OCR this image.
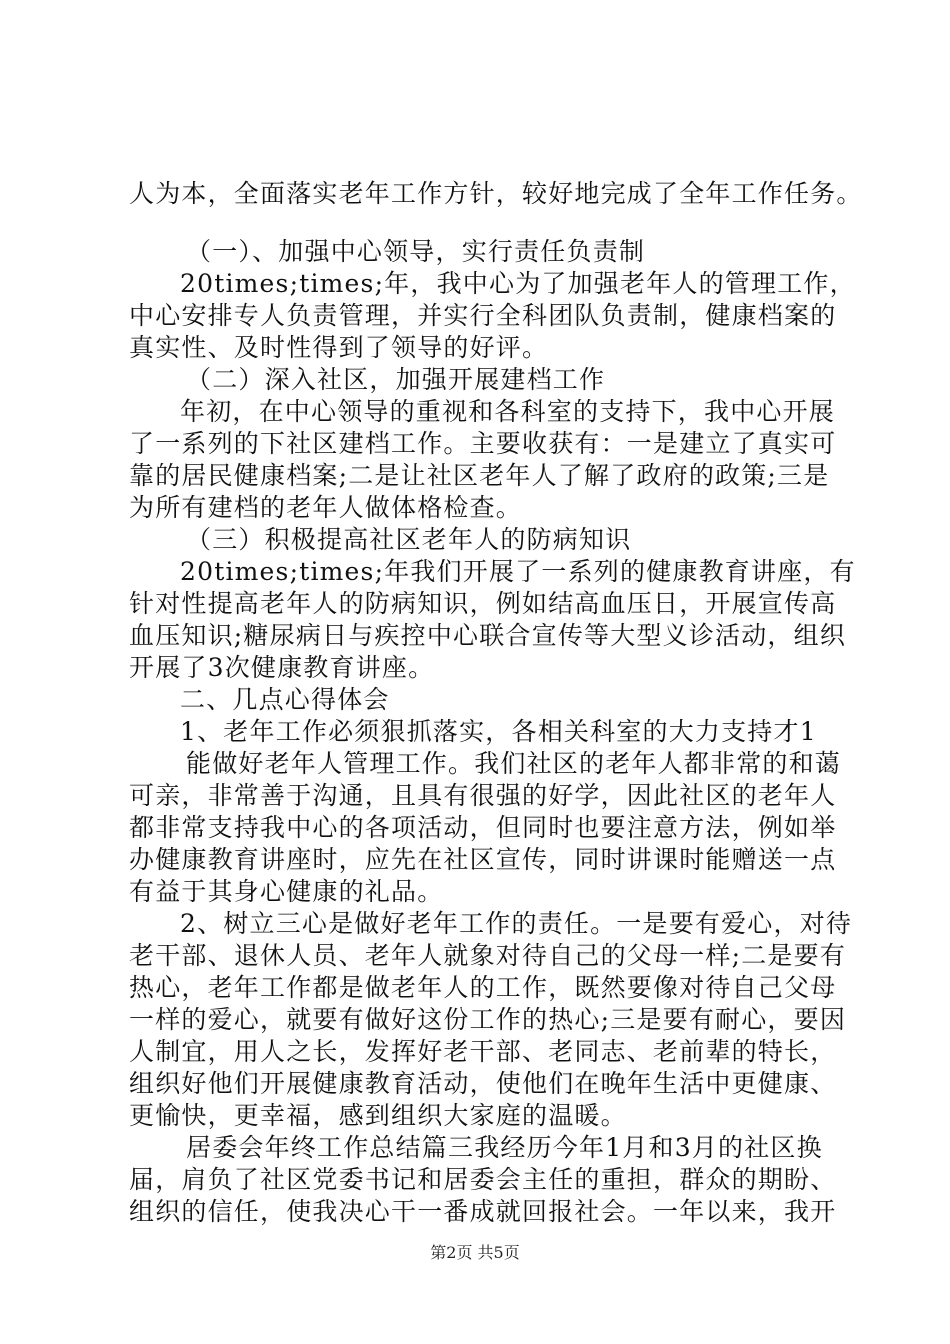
人为本，全面落实老年工作方针，较好地完成了全年工作任务。
（一）、加强中心领导，实行责任负责制
20times;times;年，我中心为了加强老年人的管理工作，
中心安排专人负责管理，并实行全科团队负责制，健康档案的
真实性、及时性得到了领导的好评。
（二）深入社区，加强开展建档工作
年初，在中心领导的重视和各科室的支持下，我中心开展
了一系列的下社区建档工作。主要收获有：一是建立了真实可
靠的居民健康档案;二是让社区老年人了解了政府的政策;三是
为所有建档的老年人做体格检查。
（三）积极提高社区老年人的防病知识
20times;times;年我们开展了一系列的健康教育讲座，有
针对性提高老年人的防病知识，例如结高血压日，开展宣传高
血压知识;糖尿病日与疾控中心联合宣传等大型义诊活动，组织
开展了3次健康教育讲座。
二、几点心得体会
1、老年工作必须狠抓落实，各相关科室的大力支持才1
能做好老年人管理工作。我们社区的老年人都非常的和蔼
可亲，非常善于沟通，且具有很强的好学，因此社区的老年人
都非常支持我中心的各项活动，但同时也要注意方法，例如举
办健康教育讲座时，应先在社区宣传，同时讲课时能赠送一点
有益于其身心健康的礼品。
2、树立三心是做好老年工作的责任。一是要有爱心，对待
老干部、退休人员、老年人就象对待自己的父母一样;二是要有
热心，老年工作都是做老年人的工作，既然要像对待自己父母
一样的爱心，就要有做好这份工作的热心;三是要有耐心，要因
人制宜，用人之长，发挥好老干部、老同志、老前辈的特长，
组织好他们开展健康教育活动，使他们在晚年生活中更健康、
更愉快，更幸福，感到组织大家庭的温暖。
居委会年终工作总结篇三我经历今年1月和3月的社区换
届，肩负了社区党委书记和居委会主任的重担，群众的期盼、
组织的信任，使我决心干一番成就回报社会。一年以来，我开
第2页 共5页
